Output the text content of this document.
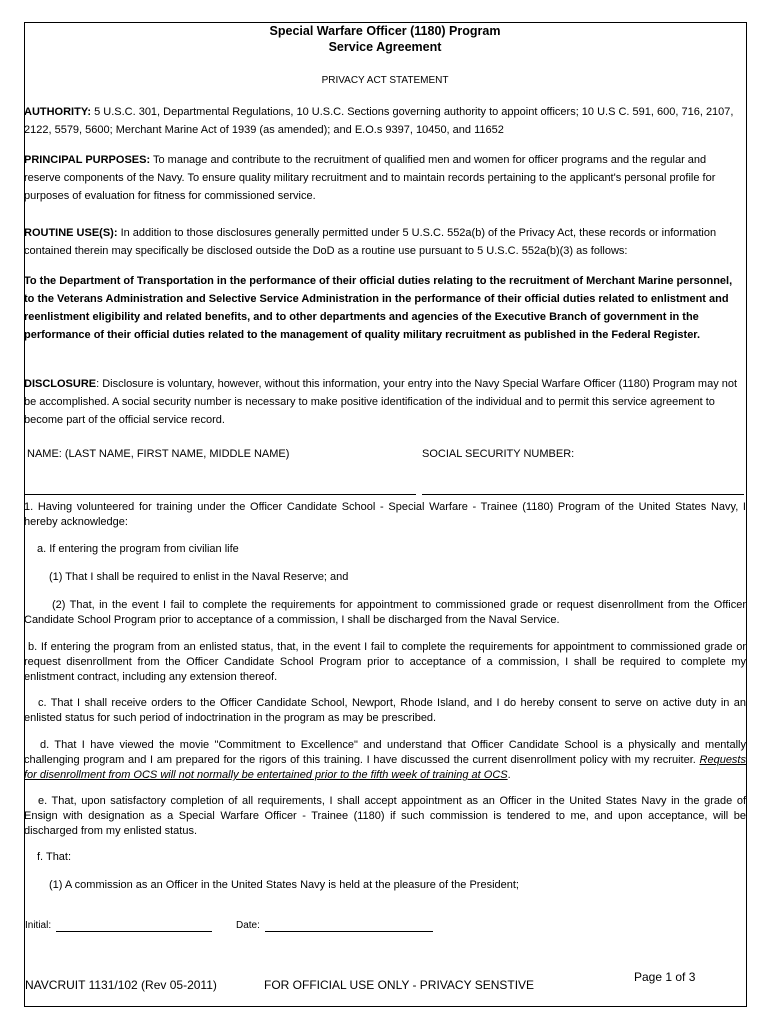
Special Warfare Officer (1180) Program
Service Agreement
PRIVACY ACT STATEMENT
AUTHORITY: 5 U.S.C. 301, Departmental Regulations, 10 U.S.C. Sections governing authority to appoint officers; 10 U.S C. 591, 600, 716, 2107, 2122, 5579, 5600; Merchant Marine Act of 1939 (as amended); and E.O.s 9397, 10450, and 11652
PRINCIPAL PURPOSES: To manage and contribute to the recruitment of qualified men and women for officer programs and the regular and reserve components of the Navy. To ensure quality military recruitment and to maintain records pertaining to the applicant's personal profile for purposes of evaluation for fitness for commissioned service.
ROUTINE USE(S): In addition to those disclosures generally permitted under 5 U.S.C. 552a(b) of the Privacy Act, these records or information contained therein may specifically be disclosed outside the DoD as a routine use pursuant to 5 U.S.C. 552a(b)(3) as follows:
To the Department of Transportation in the performance of their official duties relating to the recruitment of Merchant Marine personnel, to the Veterans Administration and Selective Service Administration in the performance of their official duties related to enlistment and reenlistment eligibility and related benefits, and to other departments and agencies of the Executive Branch of government in the performance of their official duties related to the management of quality military recruitment as published in the Federal Register.
DISCLOSURE: Disclosure is voluntary, however, without this information, your entry into the Navy Special Warfare Officer (1180) Program may not be accomplished. A social security number is necessary to make positive identification of the individual and to permit this service agreement to become part of the official service record.
NAME: (LAST NAME, FIRST NAME, MIDDLE NAME)	SOCIAL SECURITY NUMBER:
1. Having volunteered for training under the Officer Candidate School - Special Warfare - Trainee (1180) Program of the United States Navy, I hereby acknowledge:
a. If entering the program from civilian life
(1) That I shall be required to enlist in the Naval Reserve; and
(2) That, in the event I fail to complete the requirements for appointment to commissioned grade or request disenrollment from the Officer Candidate School Program prior to acceptance of a commission, I shall be discharged from the Naval Service.
b. If entering the program from an enlisted status, that, in the event I fail to complete the requirements for appointment to commissioned grade or request disenrollment from the Officer Candidate School Program prior to acceptance of a commission, I shall be required to complete my enlistment contract, including any extension thereof.
c. That I shall receive orders to the Officer Candidate School, Newport, Rhode Island, and I do hereby consent to serve on active duty in an enlisted status for such period of indoctrination in the program as may be prescribed.
d. That I have viewed the movie "Commitment to Excellence" and understand that Officer Candidate School is a physically and mentally challenging program and I am prepared for the rigors of this training. I have discussed the current disenrollment policy with my recruiter. Requests for disenrollment from OCS will not normally be entertained prior to the fifth week of training at OCS.
e. That, upon satisfactory completion of all requirements, I shall accept appointment as an Officer in the United States Navy in the grade of Ensign with designation as a Special Warfare Officer - Trainee (1180) if such commission is tendered to me, and upon acceptance, will be discharged from my enlisted status.
f. That:
(1) A commission as an Officer in the United States Navy is held at the pleasure of the President;
Initial:	Date:
NAVCRUIT 1131/102 (Rev 05-2011)	FOR OFFICIAL USE ONLY - PRIVACY SENSTIVE
Page 1 of 3
